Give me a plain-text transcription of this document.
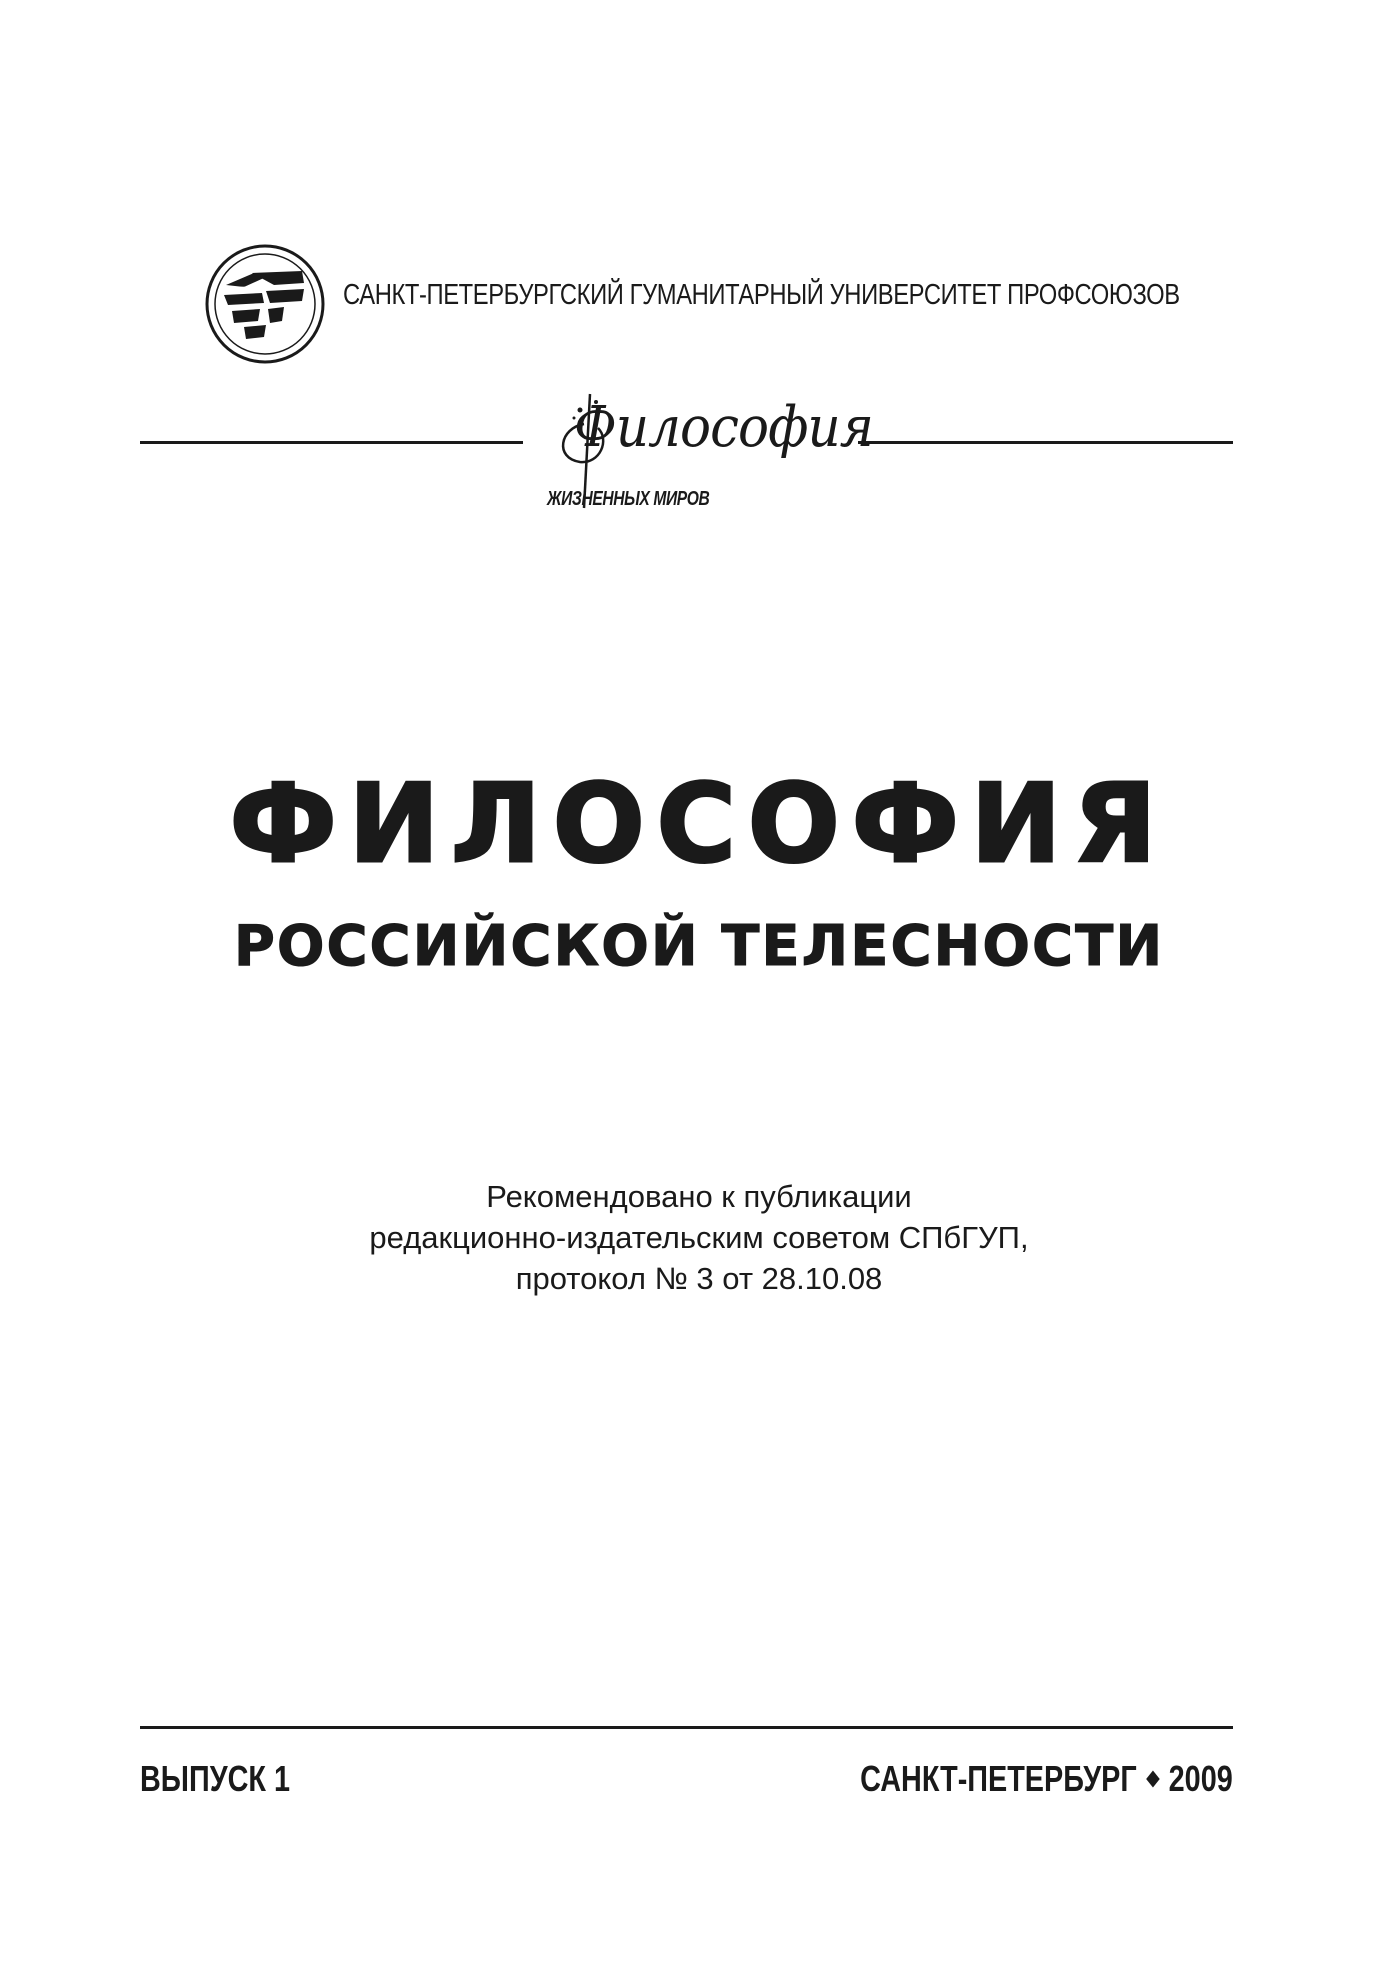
САНКТ-ПЕТЕРБУРГСКИЙ ГУМАНИТАРНЫЙ УНИВЕРСИТЕТ ПРОФСОЮЗОВ
Философия
ЖИЗНЕННЫХ МИРОВ
ФИЛОСОФИЯ
РОССИЙСКОЙ ТЕЛЕСНОСТИ
Рекомендовано к публикации
редакционно-издательским советом СПбГУП,
протокол № 3 от 28.10.08
ВЫПУСК 1	САНКТ-ПЕТЕРБУРГ 2009
